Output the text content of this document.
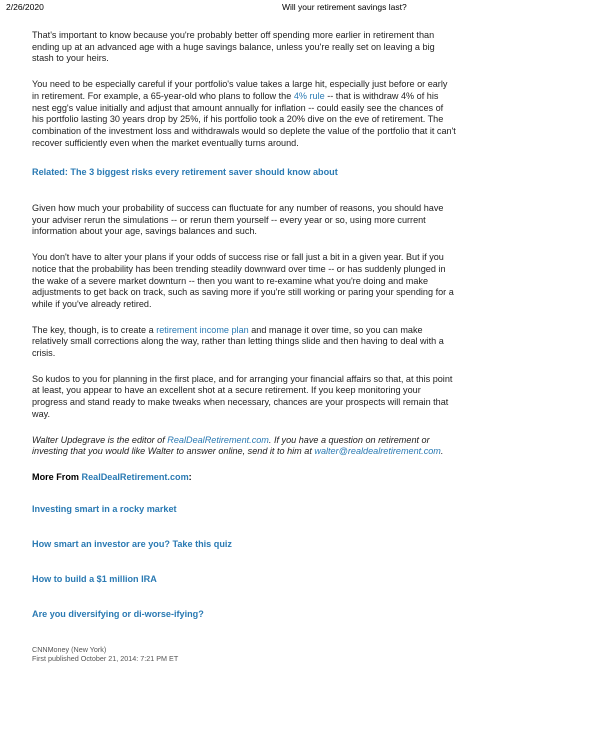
2/26/2020	Will your retirement savings last?

That's important to know because you're probably better off spending more earlier in retirement than ending up at an advanced age with a huge savings balance, unless you're really set on leaving a big stash to your heirs.

You need to be especially careful if your portfolio's value takes a large hit, especially just before or early in retirement. For example, a 65-year-old who plans to follow the 4% rule -- that is withdraw 4% of his nest egg's value initially and adjust that amount annually for inflation -- could easily see the chances of his portfolio lasting 30 years drop by 25%, if his portfolio took a 20% dive on the eve of retirement. The combination of the investment loss and withdrawals would so deplete the value of the portfolio that it can't recover sufficiently even when the market eventually turns around.

Related: The 3 biggest risks every retirement saver should know about

Given how much your probability of success can fluctuate for any number of reasons, you should have your adviser rerun the simulations -- or rerun them yourself -- every year or so, using more current information about your age, savings balances and such.

You don't have to alter your plans if your odds of success rise or fall just a bit in a given year. But if you notice that the probability has been trending steadily downward over time -- or has suddenly plunged in the wake of a severe market downturn -- then you want to re-examine what you're doing and make adjustments to get back on track, such as saving more if you're still working or paring your spending for a while if you've already retired.

The key, though, is to create a retirement income plan and manage it over time, so you can make relatively small corrections along the way, rather than letting things slide and then having to deal with a crisis.

So kudos to you for planning in the first place, and for arranging your financial affairs so that, at this point at least, you appear to have an excellent shot at a secure retirement. If you keep monitoring your progress and stand ready to make tweaks when necessary, chances are your prospects will remain that way.

Walter Updegrave is the editor of RealDealRetirement.com. If you have a question on retirement or investing that you would like Walter to answer online, send it to him at walter@realdealretirement.com.

More From RealDealRetirement.com:
Investing smart in a rocky market
How smart an investor are you? Take this quiz
How to build a $1 million IRA
Are you diversifying or di-worse-ifying?
CNNMoney (New York)
First published October 21, 2014: 7:21 PM ET
